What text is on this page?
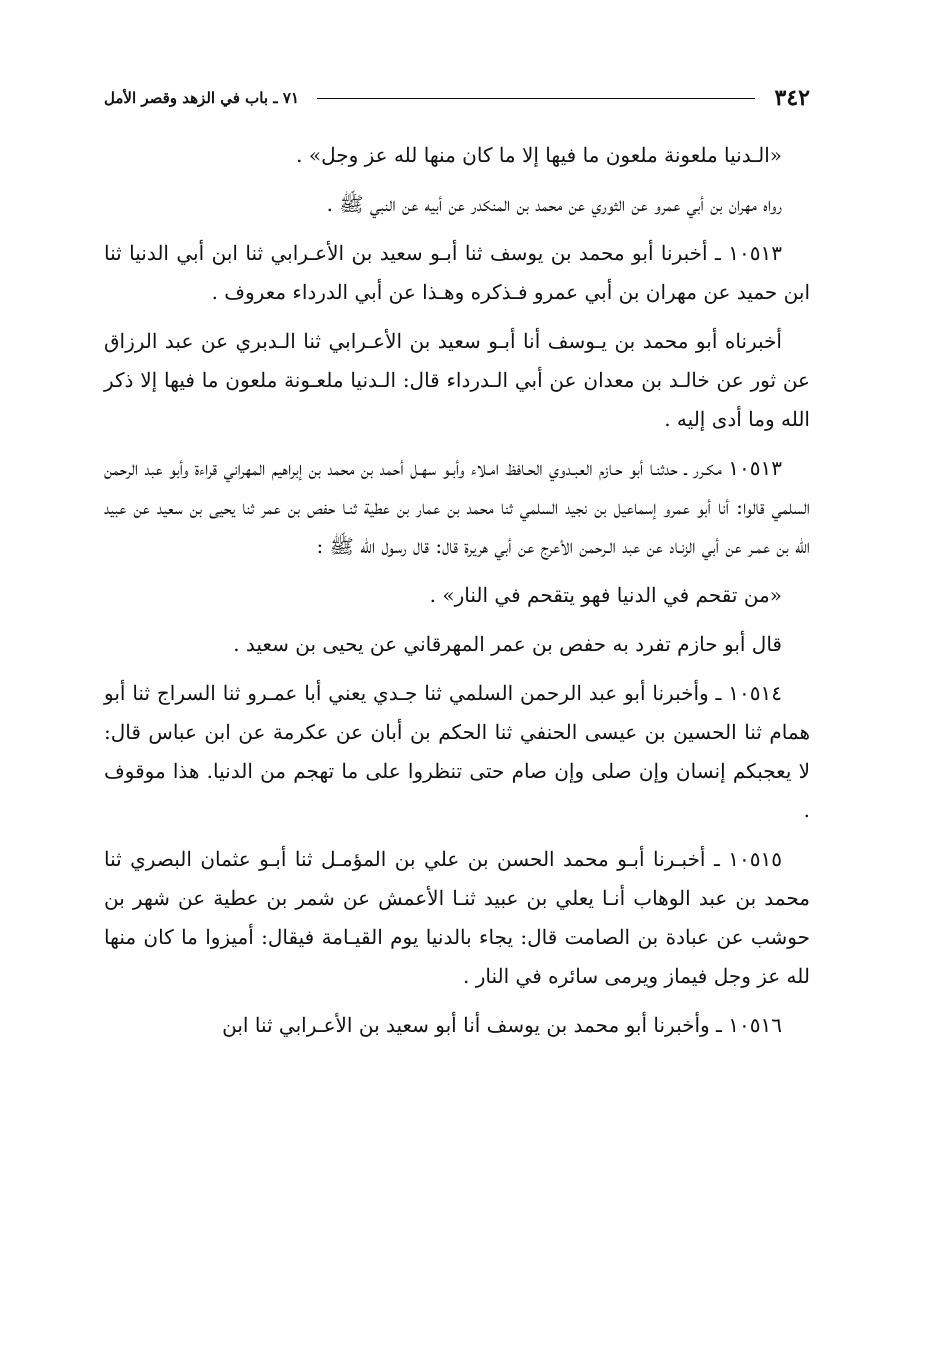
٣٤٢
٧١ ـ باب في الزهد وقصر الأمل

«الـدنيا ملعونة ملعون ما فيها إلا ما كان منها لله عز وجل» .

رواه مهران بن أبي عمرو عن الثوري عن محمد بن المنكدر عن أبيه عن النبي ﷺ .

١٠٥١٣ ـ أخبرنا أبو محمد بن يوسف ثنا أبـو سعيد بن الأعـرابي ثنا ابن أبي الدنيا ثنا ابن حميد عن مهران بن أبي عمرو فـذكره وهـذا عن أبي الدرداء معروف .

أخبرناه أبو محمد بن يـوسف أنا أبـو سعيد بن الأعـرابي ثنا الـدبري عن عبد الرزاق عن ثور عن خالـد بن معدان عن أبي الـدرداء قال: الـدنيا ملعـونة ملعون ما فيها إلا ذكر الله وما أدى إليه .

١٠٥١٣ مكـرر ـ حدثنـا أبو حـازم العبـدوي الحـافظ امـلاء وأبـو سهـل أحمد بن محمد بن إبراهيم المهراني قراءة وأبو عبد الرحمن السلمي قالوا: أنا أبو عمرو إسماعيل بن نجيد السلمي ثنا محمد بن عمار بن عطية ثنـا حفص بن عمر ثنا يحيى بن سعيد عن عبيد الله بن عمـر عن أبي الزنـاد عن عبد الـرحمن الأعرج عن أبي هريرة قال: قال رسول الله ﷺ :

«من تقحم في الدنيا فهو يتقحم في النار» .

قال أبو حازم تفرد به حفص بن عمر المهرقاني عن يحيى بن سعيد .

١٠٥١٤ ـ وأخبرنا أبو عبد الرحمن السلمي ثنا جـدي يعني أبا عمـرو ثنا السراج ثنا أبو همام ثنا الحسين بن عيسى الحنفي ثنا الحكم بن أبان عن عكرمة عن ابن عباس قال: لا يعجبكم إنسان وإن صلى وإن صام حتى تنظروا على ما تهجم من الدنيا. هذا موقوف .

١٠٥١٥ ـ أخبـرنا أبـو محمد الحسن بن علي بن المؤمـل ثنا أبـو عثمان البصري ثنا محمد بن عبد الوهاب أنـا يعلي بن عبيد ثنـا الأعمش عن شمر بن عطية عن شهر بن حوشب عن عبادة بن الصامت قال: يجاء بالدنيا يوم القيـامة فيقال: أميزوا ما كان منها لله عز وجل فيماز ويرمى سائره في النار .

١٠٥١٦ ـ وأخبرنا أبو محمد بن يوسف أنا أبو سعيد بن الأعـرابي ثنا ابن
